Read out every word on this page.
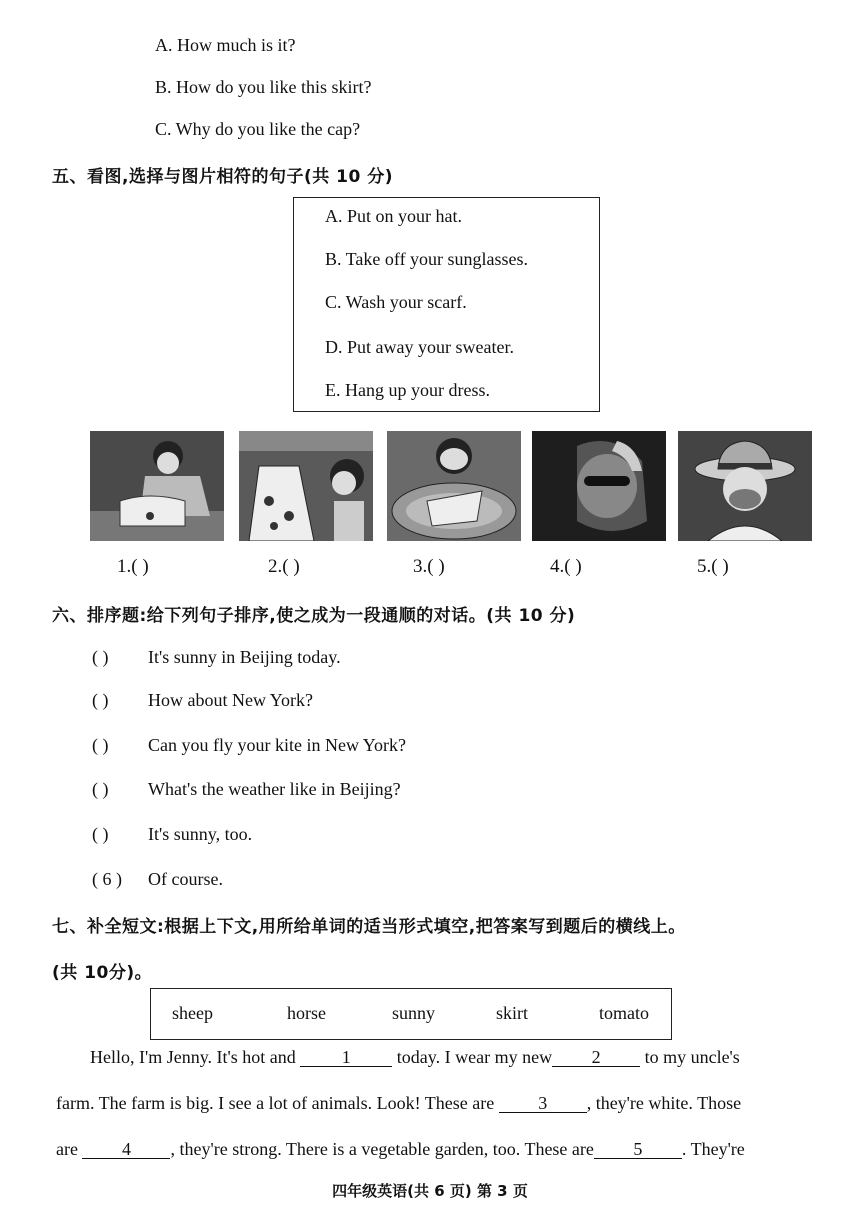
A. How much is it?
B. How do you like this skirt?
C. Why do you like the cap?
五、看图,选择与图片相符的句子(共 10 分)
A. Put on your hat.
B. Take off your sunglasses.
C. Wash your scarf.
D. Put away your sweater.
E. Hang up your dress.
1.( )	2.( )	3.( )	4.( )	5.( )
六、排序题:给下列句子排序,使之成为一段通顺的对话。(共 10 分)
( ) It's sunny in Beijing today.
( ) How about New York?
( ) Can you fly your kite in New York?
( ) What's the weather like in Beijing?
( ) It's sunny, too.
( 6 ) Of course.
七、补全短文:根据上下文,用所给单词的适当形式填空,把答案写到题后的横线上。
(共 10分)。
sheep	horse	sunny	skirt	tomato
Hello, I'm Jenny. It's hot and 1 today. I wear my new 2 to my uncle's
farm. The farm is big. I see a lot of animals. Look! These are 3 , they're white. Those
are 4 , they're strong. There is a vegetable garden, too. These are 5 . They're
四年级英语(共 6 页) 第 3 页
